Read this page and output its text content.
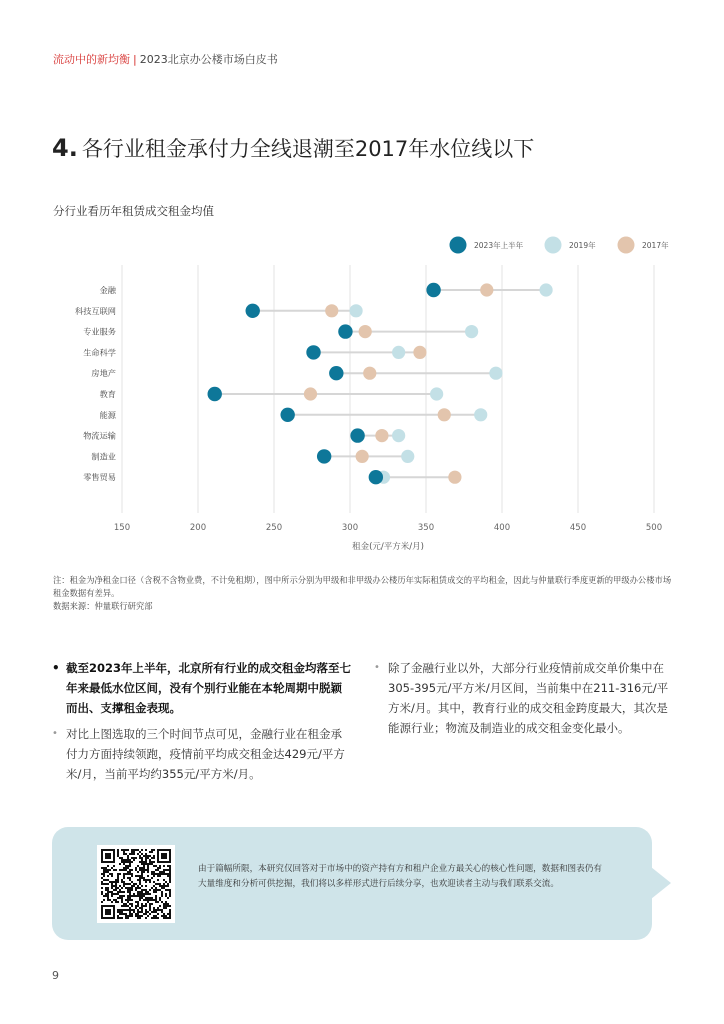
流动中的新均衡 | 2023北京办公楼市场白皮书
4. 各行业租金承付力全线退潮至2017年水位线以下
分行业看历年租赁成交租金均值
150	200	250	300	350	400	450	500
租金(元/平方米/月)
2023年上半年	2019年	2017年
金融
科技互联网
专业服务
生命科学
房地产
教育
能源
物流运输
制造业
零售贸易
注：租金为净租金口径（含税不含物业费，不计免租期），图中所示分别为甲级和非甲级办公楼历年实际租赁成交的平均租金，因此与仲量联行季度更新的甲级办公楼市场租金数据有差异。
数据来源：仲量联行研究部
• 截至2023年上半年，北京所有行业的成交租金均落至七年来最低水位区间，没有个别行业能在本轮周期中脱颖而出、支撑租金表现。
• 对比上图选取的三个时间节点可见，金融行业在租金承付力方面持续领跑，疫情前平均成交租金达429元/平方米/月，当前平均约355元/平方米/月。
• 除了金融行业以外，大部分行业疫情前成交单价集中在305-395元/平方米/月区间，当前集中在211-316元/平方米/月。其中，教育行业的成交租金跨度最大，其次是能源行业；物流及制造业的成交租金变化最小。
由于篇幅所限，本研究仅回答对于市场中的资产持有方和租户企业方最关心的核心性问题，数据和图表仍有大量维度和分析可供挖掘，我们将以多样形式进行后续分享，也欢迎读者主动与我们联系交流。
9
